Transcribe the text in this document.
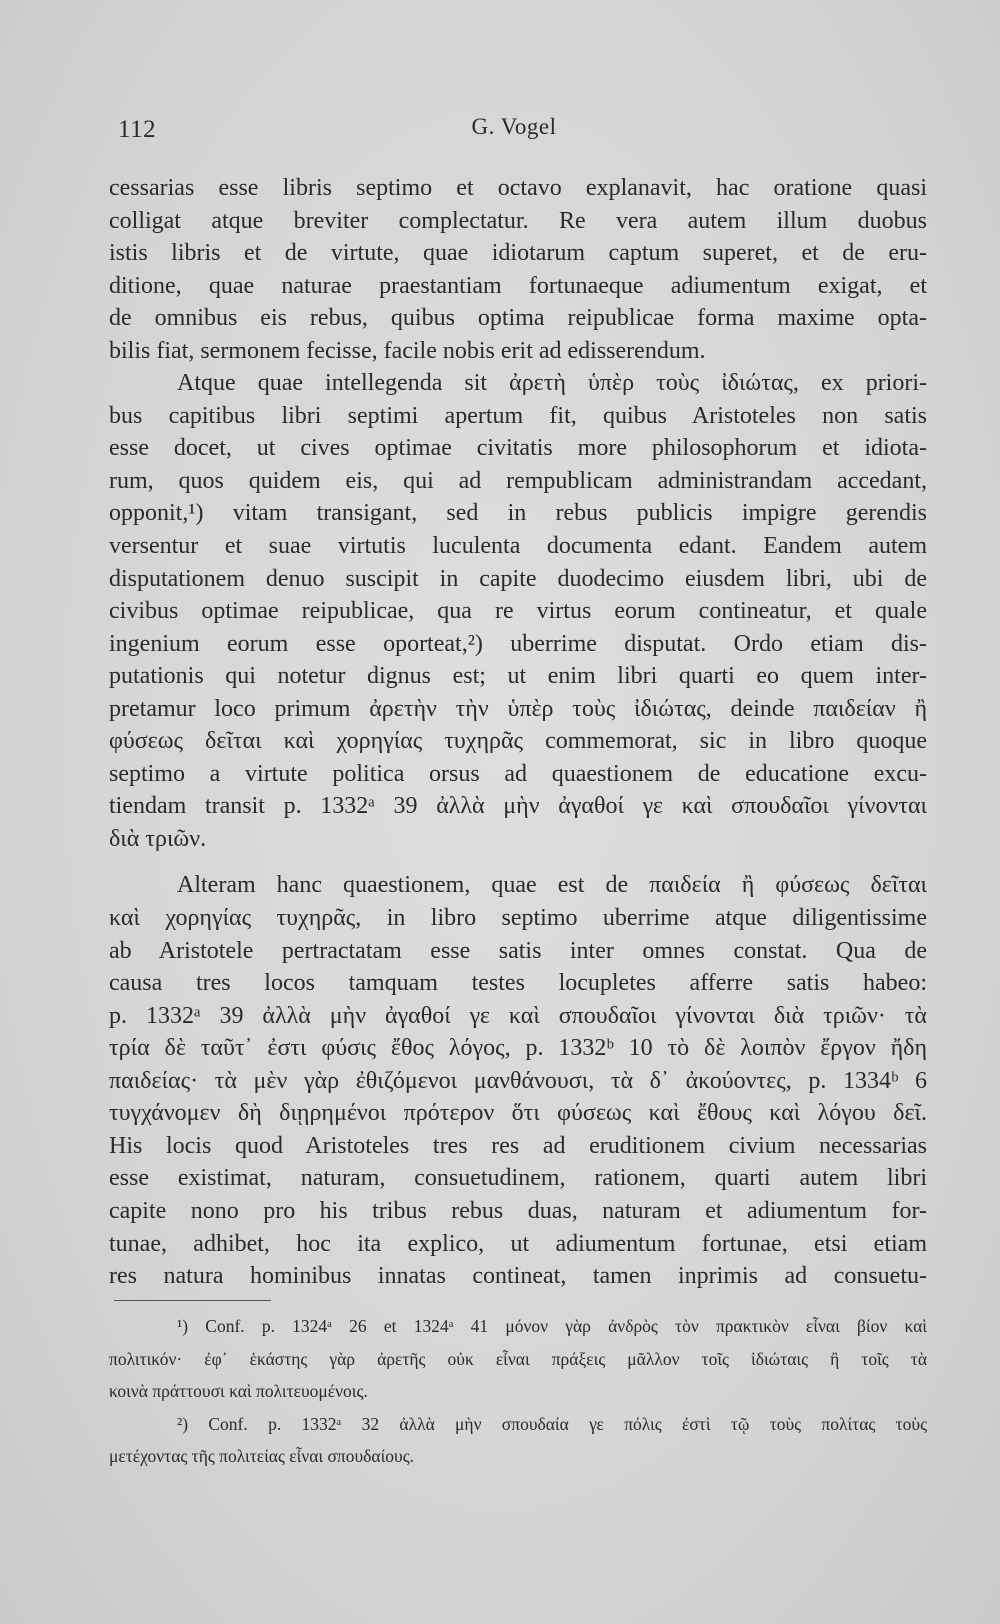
112	G. Vogel
cessarias esse libris septimo et octavo explanavit, hac oratione quasi
colligat atque breviter complectatur. Re vera autem illum duobus
istis libris et de virtute, quae idiotarum captum superet, et de eru-
ditione, quae naturae praestantiam fortunaeque adiumentum exigat, et
de omnibus eis rebus, quibus optima reipublicae forma maxime opta-
bilis fiat, sermonem fecisse, facile nobis erit ad edisserendum.
Atque quae intellegenda sit ἀρετὴ ὑπὲρ τοὺς ἰδιώτας, ex priori-
bus capitibus libri septimi apertum fit, quibus Aristoteles non satis
esse docet, ut cives optimae civitatis more philosophorum et idiota-
rum, quos quidem eis, qui ad rempublicam administrandam accedant,
opponit,¹) vitam transigant, sed in rebus publicis impigre gerendis
versentur et suae virtutis luculenta documenta edant. Eandem autem
disputationem denuo suscipit in capite duodecimo eiusdem libri, ubi de
civibus optimae reipublicae, qua re virtus eorum contineatur, et quale
ingenium eorum esse oporteat,²) uberrime disputat. Ordo etiam dis-
putationis qui notetur dignus est; ut enim libri quarti eo quem inter-
pretamur loco primum ἀρετὴν τὴν ὑπὲρ τοὺς ἰδιώτας, deinde παιδείαν ἢ
φύσεως δεῖται καὶ χορηγίας τυχηρᾶς commemorat, sic in libro quoque
septimo a virtute politica orsus ad quaestionem de educatione excu-
tiendam transit p. 1332ᵃ 39 ἀλλὰ μὴν ἀγαθοί γε καὶ σπουδαῖοι γίνονται
διὰ τριῶν.
Alteram hanc quaestionem, quae est de παιδεία ἢ φύσεως δεῖται
καὶ χορηγίας τυχηρᾶς, in libro septimo uberrime atque diligentissime
ab Aristotele pertractatam esse satis inter omnes constat. Qua de
causa tres locos tamquam testes locupletes afferre satis habeo:
p. 1332ᵃ 39 ἀλλὰ μὴν ἀγαθοί γε καὶ σπουδαῖοι γίνονται διὰ τριῶν· τὰ
τρία δὲ ταῦτ᾽ ἐστι φύσις ἔθος λόγος, p. 1332ᵇ 10 τὸ δὲ λοιπὸν ἔργον ἤδη
παιδείας· τὰ μὲν γὰρ ἐθιζόμενοι μανθάνουσι, τὰ δ᾽ ἀκούοντες, p. 1334ᵇ 6
τυγχάνομεν δὴ διῃρημένοι πρότερον ὅτι φύσεως καὶ ἔθους καὶ λόγου δεῖ.
His locis quod Aristoteles tres res ad eruditionem civium necessarias
esse existimat, naturam, consuetudinem, rationem, quarti autem libri
capite nono pro his tribus rebus duas, naturam et adiumentum for-
tunae, adhibet, hoc ita explico, ut adiumentum fortunae, etsi etiam
res natura hominibus innatas contineat, tamen inprimis ad consuetu-
¹) Conf. p. 1324ᵃ 26 et 1324ᵃ 41 μόνον γὰρ ἀνδρὸς τὸν πρακτικὸν εἶναι βίον καὶ
πολιτικόν· ἐφ᾽ ἑκάστης γὰρ ἀρετῆς οὐκ εἶναι πράξεις μᾶλλον τοῖς ἰδιώταις ἢ τοῖς τὰ
κοινὰ πράττουσι καὶ πολιτευομένοις.
²) Conf. p. 1332ᵃ 32 ἀλλὰ μὴν σπουδαία γε πόλις ἐστὶ τῷ τοὺς πολίτας τοὺς
μετέχοντας τῆς πολιτείας εἶναι σπουδαίους.
